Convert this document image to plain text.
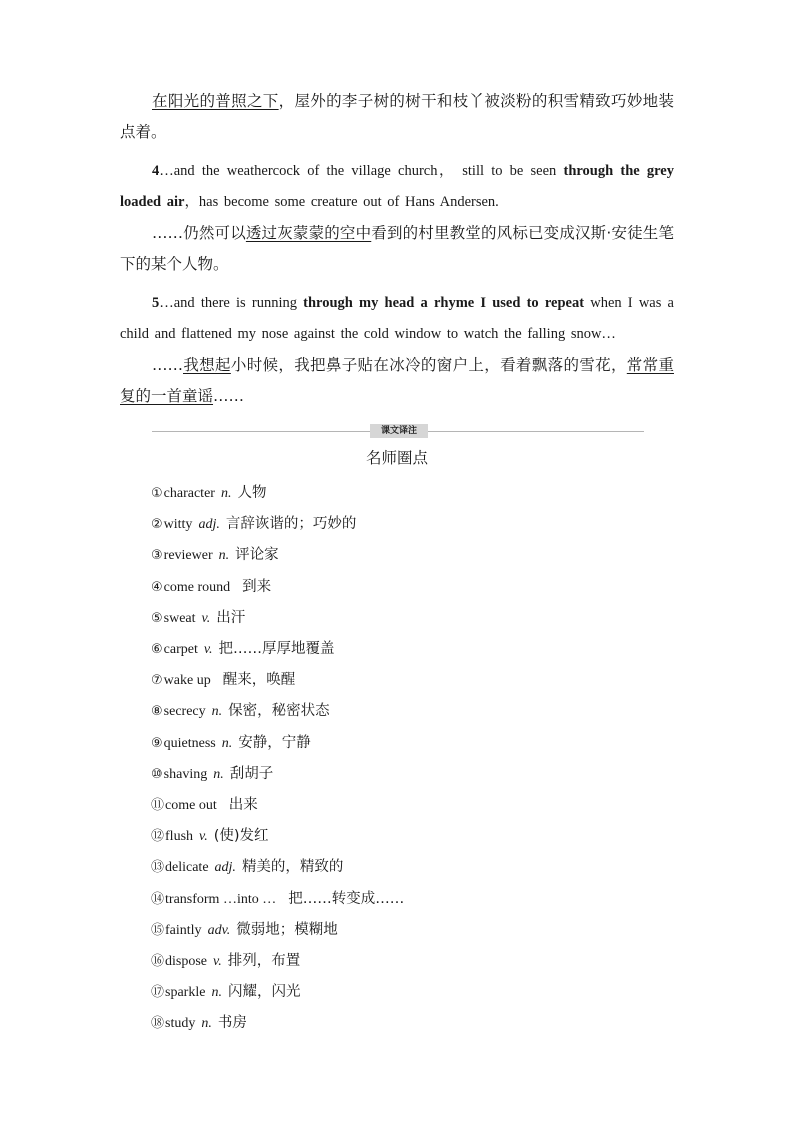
在阳光的普照之下，屋外的李子树的树干和枝丫被淡粉的积雪精致巧妙地装点着。

4…and the weathercock of the village church， still to be seen through the grey loaded air，has become some creature out of Hans Andersen.

……仍然可以透过灰蒙蒙的空中看到的村里教堂的风标已变成汉斯·安徒生笔下的某个人物。

5…and there is running through my head a rhyme I used to repeat when I was a child and flattened my nose against the cold window to watch the falling snow…

……我想起小时候，我把鼻子贴在冰冷的窗户上，看着飘落的雪花，常常重复的一首童谣……

课文译注
名师圈点
①character n. 人物
②witty adj. 言辞诙谐的；巧妙的
③reviewer n. 评论家
④come round 到来
⑤sweat v. 出汗
⑥carpet v. 把……厚厚地覆盖
⑦wake up 醒来，唤醒
⑧secrecy n. 保密，秘密状态
⑨quietness n. 安静，宁静
⑩shaving n. 刮胡子
⑪come out 出来
⑫flush v. (使)发红
⑬delicate adj. 精美的，精致的
⑭transform …into … 把……转变成……
⑮faintly adv. 微弱地；模糊地
⑯dispose v. 排列，布置
⑰sparkle n. 闪耀，闪光
⑱study n. 书房
